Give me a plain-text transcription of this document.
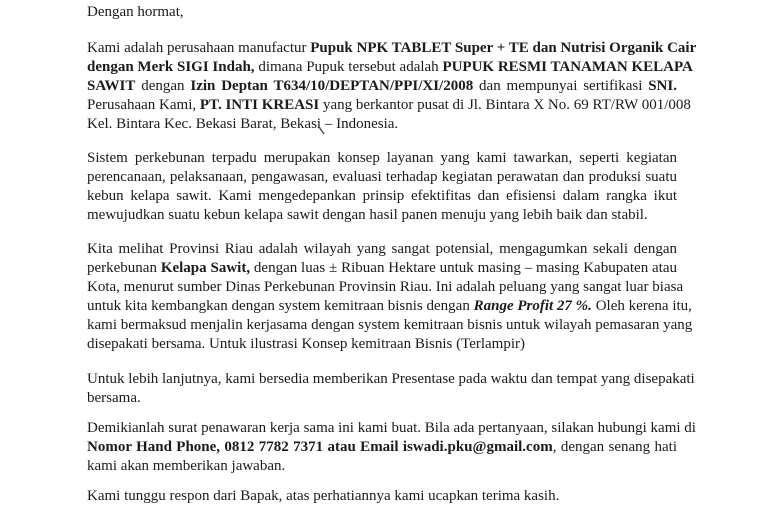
Dengan hormat,
Kami adalah perusahaan manufactur Pupuk NPK TABLET Super + TE dan Nutrisi Organik Cair
dengan Merk SIGI Indah, dimana Pupuk tersebut adalah PUPUK RESMI TANAMAN KELAPA
SAWIT dengan Izin Deptan T634/10/DEPTAN/PPI/XI/2008 dan mempunyai sertifikasi SNI.
Perusahaan Kami, PT. INTI KREASI yang berkantor pusat di Jl. Bintara X No. 69 RT/RW 001/008
Kel. Bintara Kec. Bekasi Barat, Bekasi – Indonesia.
Sistem perkebunan terpadu merupakan konsep layanan yang kami tawarkan, seperti kegiatan
perencanaan, pelaksanaan, pengawasan, evaluasi terhadap kegiatan perawatan dan produksi suatu
kebun kelapa sawit. Kami mengedepankan prinsip efektifitas dan efisiensi dalam rangka ikut
mewujudkan suatu kebun kelapa sawit dengan hasil panen menuju yang lebih baik dan stabil.
Kita melihat Provinsi Riau adalah wilayah yang sangat potensial, mengagumkan sekali dengan
perkebunan Kelapa Sawit, dengan luas ± Ribuan Hektare untuk masing – masing Kabupaten atau
Kota, menurut sumber Dinas Perkebunan Provinsin Riau. Ini adalah peluang yang sangat luar biasa
untuk kita kembangkan dengan system kemitraan bisnis dengan Range Profit 27 %. Oleh kerena itu,
kami bermaksud menjalin kerjasama dengan system kemitraan bisnis untuk wilayah pemasaran yang
disepakati bersama. Untuk ilustrasi Konsep kemitraan Bisnis (Terlampir)
Untuk lebih lanjutnya, kami bersedia memberikan Presentase pada waktu dan tempat yang disepakati
bersama.
Demikianlah surat penawaran kerja sama ini kami buat. Bila ada pertanyaan, silakan hubungi kami di
Nomor Hand Phone, 0812 7782 7371 atau Email iswadi.pku@gmail.com, dengan senang hati
kami akan memberikan jawaban.
Kami tunggu respon dari Bapak, atas perhatiannya kami ucapkan terima kasih.
